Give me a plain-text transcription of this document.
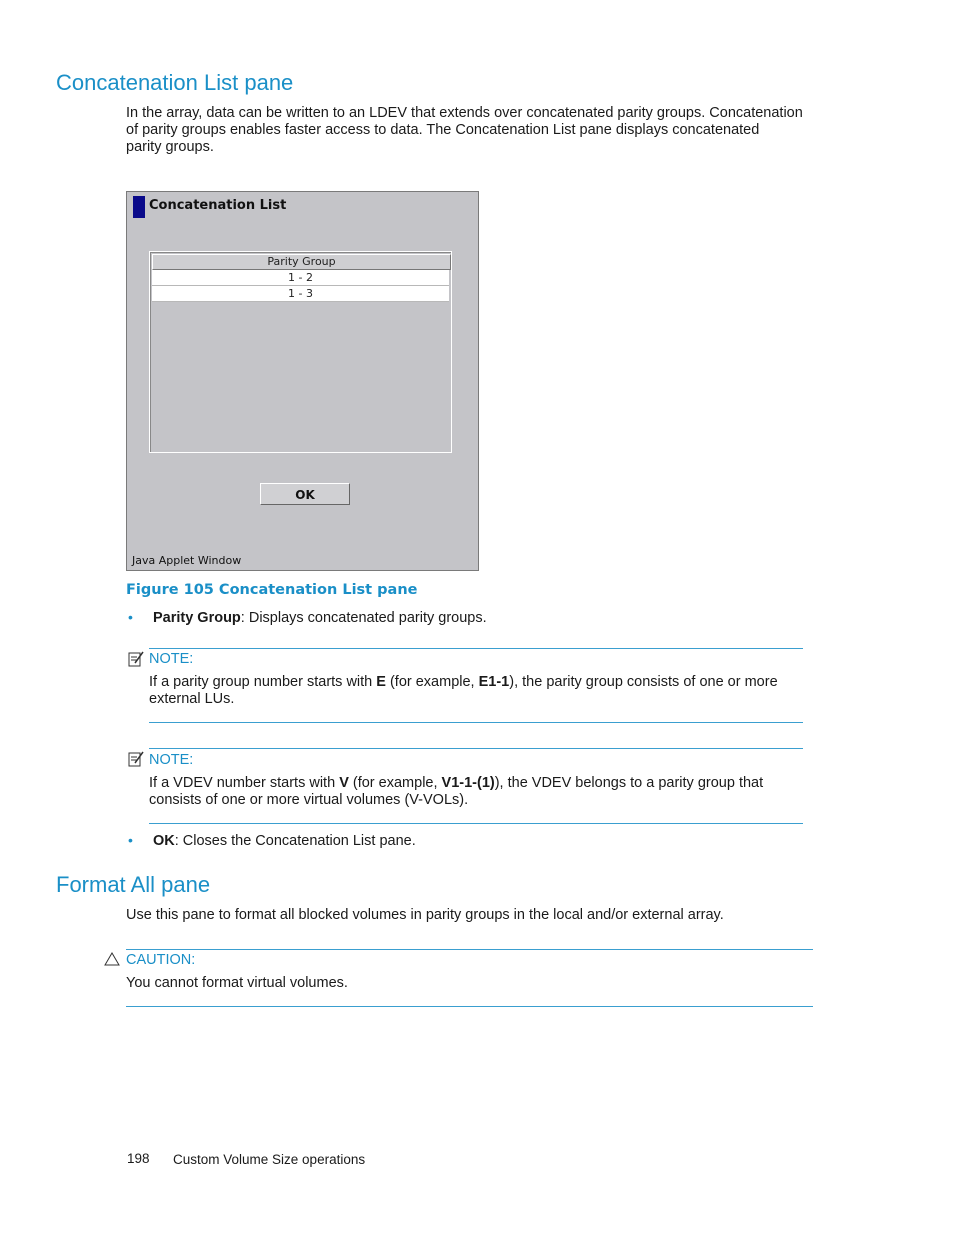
Concatenation List pane

In the array, data can be written to an LDEV that extends over concatenated parity groups. Concatenation

of parity groups enables faster access to data. The Concatenation List pane displays concatenated

parity groups.

Concatenation List
Parity Group
1 - 2
1 - 3
OK
Java Applet Window
Figure 105 Concatenation List pane
• Parity Group: Displays concatenated parity groups.
NOTE:

If a parity group number starts with E (for example, E1-1), the parity group consists of one or more

external LUs.

NOTE:

If a VDEV number starts with V (for example, V1-1-(1)), the VDEV belongs to a parity group that

consists of one or more virtual volumes (V-VOLs).

• OK: Closes the Concatenation List pane.
Format All pane

Use this pane to format all blocked volumes in parity groups in the local and/or external array.

CAUTION:

You cannot format virtual volumes.

198 Custom Volume Size operations
